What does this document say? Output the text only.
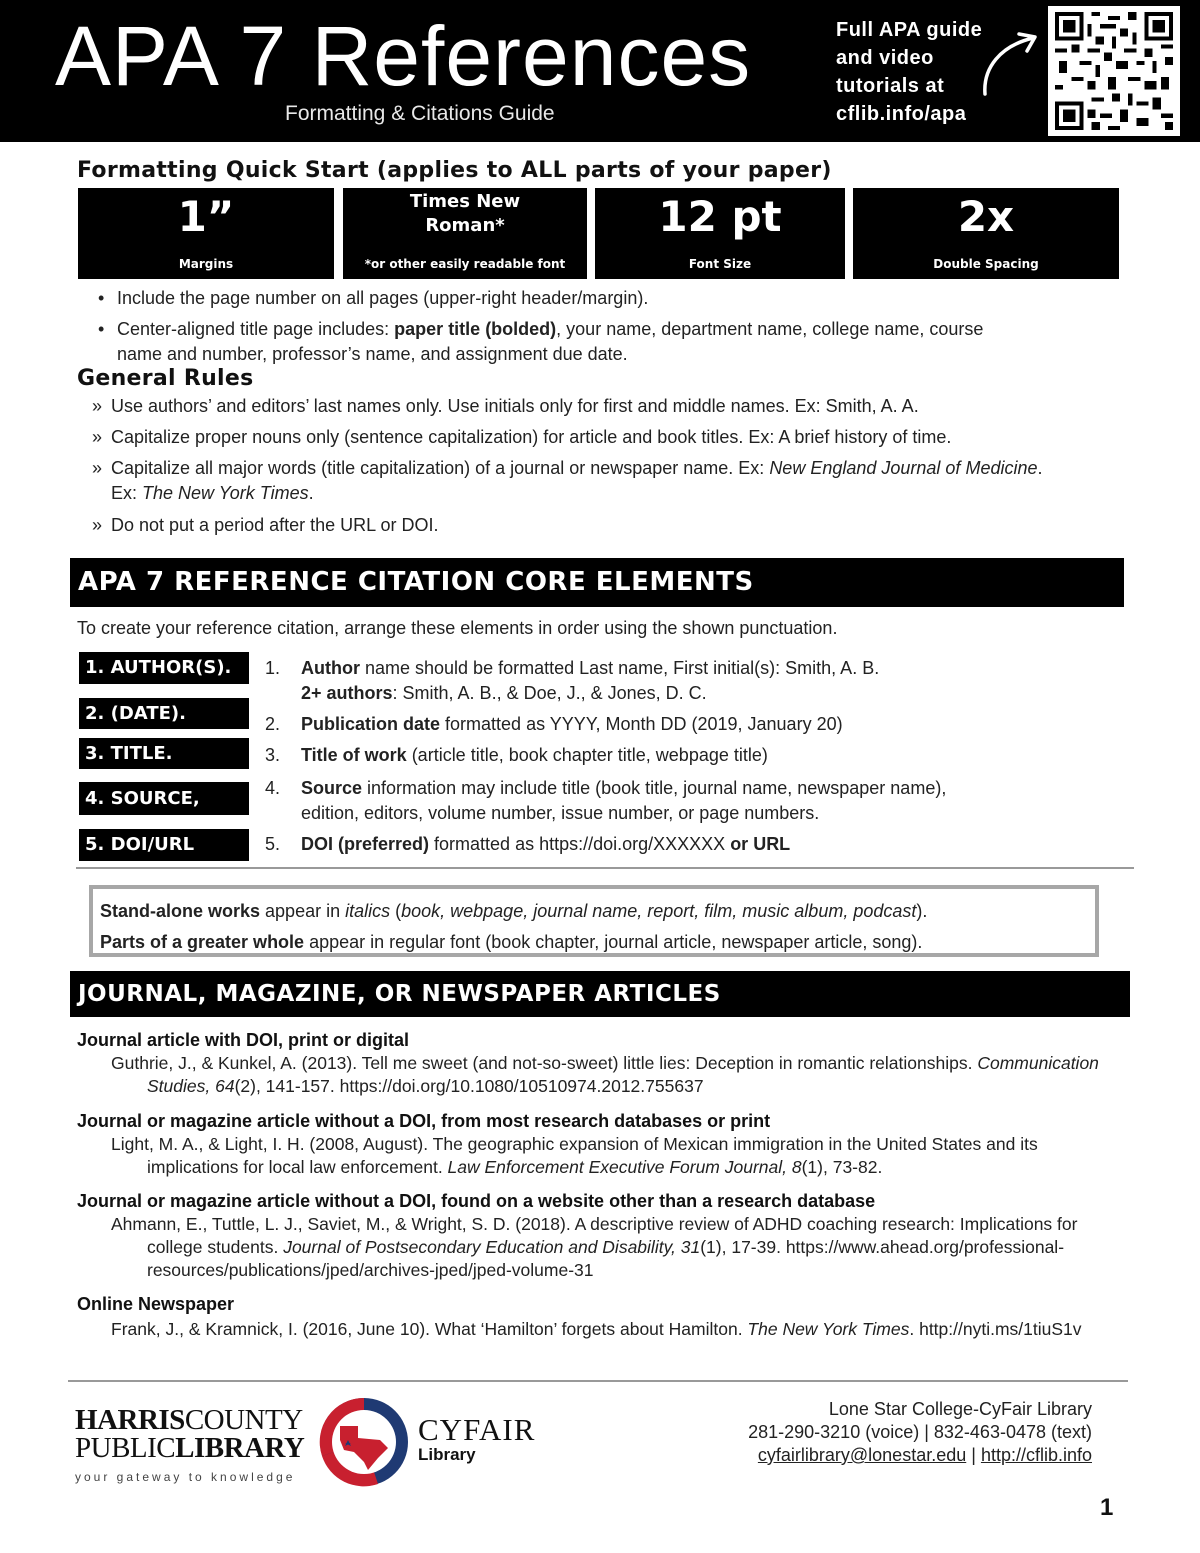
APA 7 References
Formatting & Citations Guide
Full APA guide
and video
tutorials at
cflib.info/apa
Formatting Quick Start (applies to ALL parts of your paper)
1”
Margins
Times New
Roman*
*or other easily readable font
12 pt
Font Size
2x
Double Spacing
• Include the page number on all pages (upper-right header/margin).
• Center-aligned title page includes: paper title (bolded), your name, department name, college name, course
name and number, professor’s name, and assignment due date.
General Rules
» Use authors’ and editors’ last names only. Use initials only for first and middle names. Ex: Smith, A. A.
» Capitalize proper nouns only (sentence capitalization) for article and book titles. Ex: A brief history of time.
» Capitalize all major words (title capitalization) of a journal or newspaper name. Ex: New England Journal of Medicine. Ex: The New York Times.
» Do not put a period after the URL or DOI.
APA 7 REFERENCE CITATION CORE ELEMENTS
To create your reference citation, arrange these elements in order using the shown punctuation.
1. AUTHOR(S).
2. (DATE).
3. TITLE.
4. SOURCE,
5. DOI/URL
1. Author name should be formatted Last name, First initial(s): Smith, A. B.
2+ authors: Smith, A. B., & Doe, J., & Jones, D. C.
2. Publication date formatted as YYYY, Month DD (2019, January 20)
3. Title of work (article title, book chapter title, webpage title)
4. Source information may include title (book title, journal name, newspaper name),
edition, editors, volume number, issue number, or page numbers.
5. DOI (preferred) formatted as https://doi.org/XXXXXX or URL
Stand-alone works appear in italics (book, webpage, journal name, report, film, music album, podcast).
Parts of a greater whole appear in regular font (book chapter, journal article, newspaper article, song).
JOURNAL, MAGAZINE, OR NEWSPAPER ARTICLES
Journal article with DOI, print or digital
Guthrie, J., & Kunkel, A. (2013). Tell me sweet (and not-so-sweet) little lies: Deception in romantic relationships. Communication
Studies, 64(2), 141-157. https://doi.org/10.1080/10510974.2012.755637
Journal or magazine article without a DOI, from most research databases or print
Light, M. A., & Light, I. H. (2008, August). The geographic expansion of Mexican immigration in the United States and its
implications for local law enforcement. Law Enforcement Executive Forum Journal, 8(1), 73-82.
Journal or magazine article without a DOI, found on a website other than a research database
Ahmann, E., Tuttle, L. J., Saviet, M., & Wright, S. D. (2018). A descriptive review of ADHD coaching research: Implications for
college students. Journal of Postsecondary Education and Disability, 31(1), 17-39. https://www.ahead.org/professional-
resources/publications/jped/archives-jped/jped-volume-31
Online Newspaper
Frank, J., & Kramnick, I. (2016, June 10). What ‘Hamilton’ forgets about Hamilton. The New York Times. http://nyti.ms/1tiuS1v
HARRISCOUNTY
PUBLICLIBRARY
your gateway to knowledge
CYFAIR
Library
Lone Star College-CyFair Library
281-290-3210 (voice) | 832-463-0478 (text)
cyfairlibrary@lonestar.edu | http://cflib.info
1
